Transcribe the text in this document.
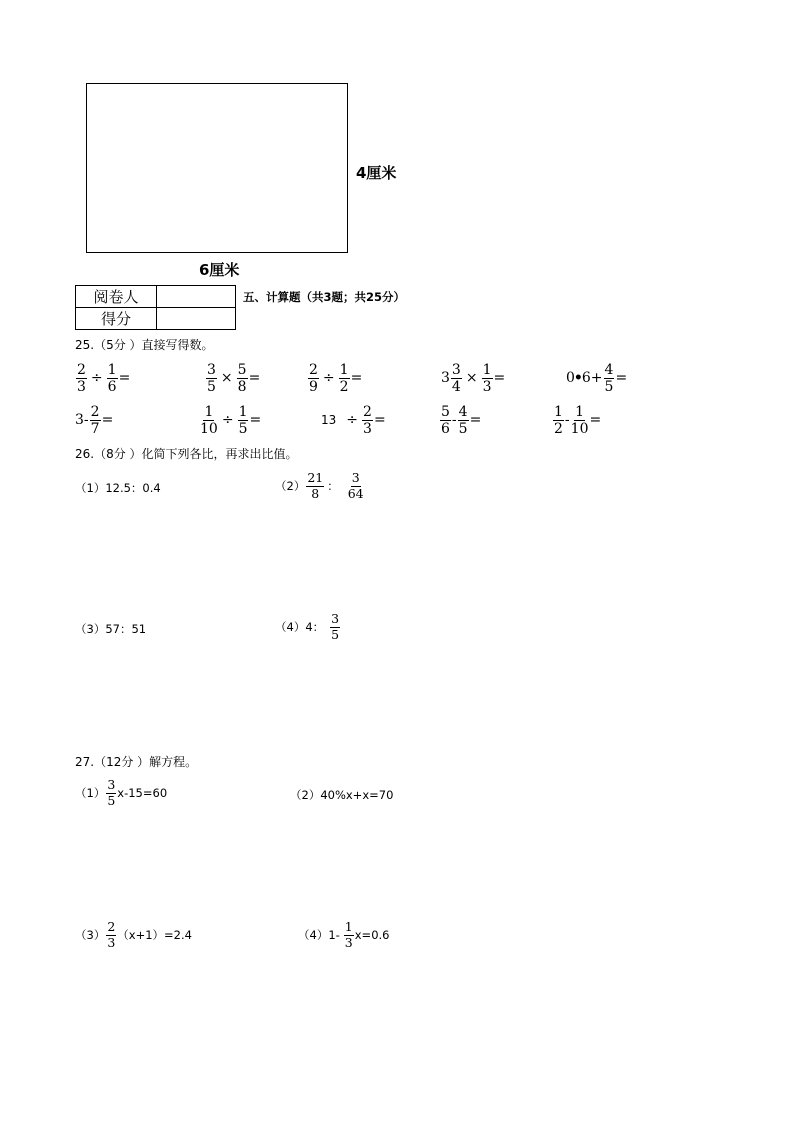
4厘米
6厘米
阅卷人	
得分	
五、计算题（共3题；共25分）
25.（5分 ）直接写得数。
$\frac{2}{3} \div \frac{1}{6}$ =	$\frac{3}{5} \times \frac{5}{8}$ =	$\frac{2}{9} \div \frac{1}{2}$ =	$3 \frac{3}{4} \times \frac{1}{3}$ =	0 • $6+ \frac{4}{5}$ =
$3- \frac{2}{7}$ =	$\frac{1}{10} \div \frac{1}{5}$ =	$13 \div \frac{2}{3}$ =	$\frac{5}{6} - \frac{4}{5}$ =	$\frac{1}{2} - \frac{1}{10}$ =
26.（8分 ）化简下列各比，再求出比值。
（1）12.5：0.4	$(2) \frac{21}{8}$ ： $\frac{3}{64}$
（3）57：51	（4）4： $\frac{3}{5}$
27.（12分 ）解方程。
$(1) \frac{3}{5} x-15=60$	（2）40%x+x=70
$(3) \frac{2}{3} (x+1)=2.4$	$(4)1- \frac{1}{3} x=0.6$
